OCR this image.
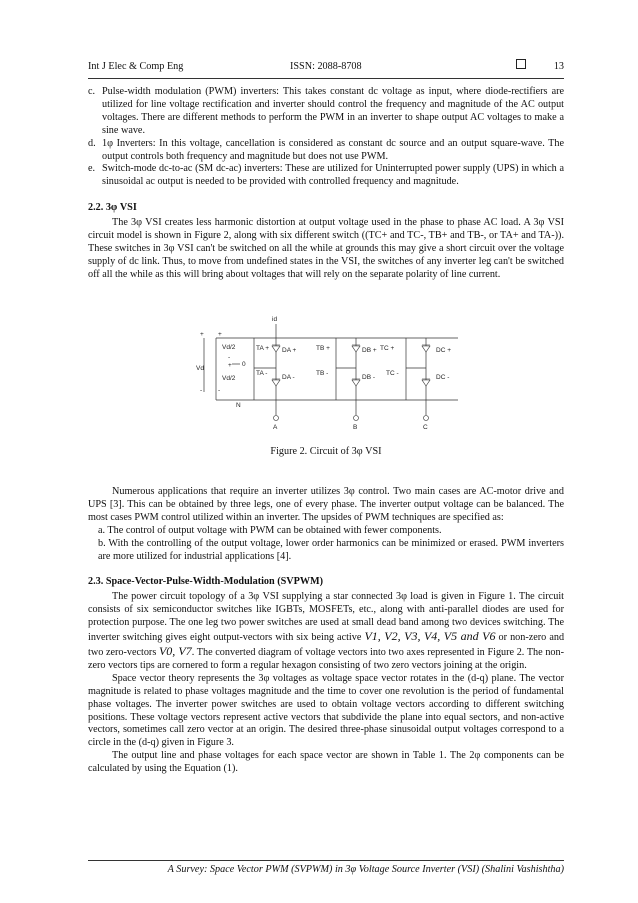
Int J Elec & Comp Eng	ISSN: 2088-8708	13
c. Pulse-width modulation (PWM) inverters: This takes constant dc voltage as input, where diode-rectifiers are utilized for line voltage rectification and inverter should control the frequency and magnitude of the AC output voltages. There are different methods to perform the PWM in an inverter to shape output AC voltages to make a sine wave.

d. 1φ Inverters: In this voltage, cancellation is considered as constant dc source and an output square-wave. The output controls both frequency and magnitude but does not use PWM.

e. Switch-mode dc-to-ac (SM dc-ac) inverters: These are utilized for Uninterrupted power supply (UPS) in which a sinusoidal ac output is needed to be provided with controlled frequency and magnitude.

2.2. 3φ VSI

The 3φ VSI creates less harmonic distortion at output voltage used in the phase to phase AC load. A 3φ VSI circuit model is shown in Figure 2, along with six different switch ((TC+ and TC-, TB+ and TB-, or TA+ and TA-)). These switches in 3φ VSI can't be switched on all the while at grounds this may give a short circuit over the voltage supply of dc link. Thus, to move from undefined states in the VSI, the switches of any inverter leg can't be switched off all the while as this will bring about voltages that will rely on the separate polarity of line current.

id
+ +
Vd/2
-
+ 0
Vd
Vd/2
- -
N
TA +
TA -
DA +
DA -
TB +
TB -
DB +
DB -
TC +
TC -
DC +
DC -
A	B	C
Figure 2. Circuit of 3φ VSI

Numerous applications that require an inverter utilizes 3φ control. Two main cases are AC-motor drive and UPS [3]. This can be obtained by three legs, one of every phase. The inverter output voltage can be balanced. The most cases PWM control utilized within an inverter. The upsides of PWM techniques are specified as:

a. The control of output voltage with PWM can be obtained with fewer components.

b. With the controlling of the output voltage, lower order harmonics can be minimized or erased. PWM inverters are more utilized for industrial applications [4].

2.3. Space-Vector-Pulse-Width-Modulation (SVPWM)

The power circuit topology of a 3φ VSI supplying a star connected 3φ load is given in Figure 1. The circuit consists of six semiconductor switches like IGBTs, MOSFETs, etc., along with anti-parallel diodes are used for protection purpose. The one leg two power switches are used at small dead band among two devices switching. The inverter switching gives eight output-vectors with six being active V1, V2, V3, V4, V5 and V6 or non-zero and two zero-vectors V0, V7. The converted diagram of voltage vectors into two axes represented in Figure 2. The non-zero vectors tips are cornered to form a regular hexagon consisting of two zero vectors joining at the origin.

Space vector theory represents the 3φ voltages as voltage space vector rotates in the (d-q) plane. The vector magnitude is related to phase voltages magnitude and the time to cover one revolution is the period of fundamental phase voltages. The inverter power switches are used to obtain voltage vectors according to different switching positions. These voltage vectors represent active vectors that subdivide the plane into equal sectors, and non-active vectors, sometimes call zero vector at an origin. The desired three-phase sinusoidal output voltages correspond to a circle in the (d-q) given in Figure 3.

The output line and phase voltages for each space vector are shown in Table 1. The 2φ components can be calculated by using the Equation (1).

A Survey: Space Vector PWM (SVPWM) in 3φ Voltage Source Inverter (VSI) (Shalini Vashishtha)
